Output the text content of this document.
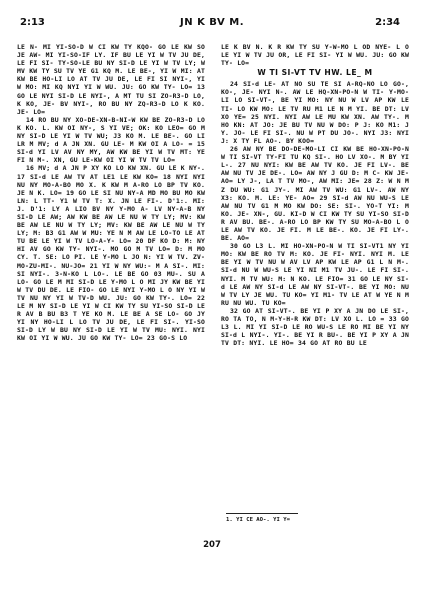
2:13	JN K BV M.	2:34

LE N- MI YI-SO-D W CI KW TY KQO- GO LE KW SO JE AW- MI YI-SO-IF LY. IF BU LE YI W TV JU DE, LE FI SI- TY-SO-LE BU NY SI-D LE YI W TV LY; W MV KW TY SU TV YE G1 KQ M. LE BE-, YI W MI: AT KW BE HO-LI LO AT TV JU DE, LE FI SI NYI-, YI W MO: MI KQ NYI YI W WU. JU: GO KW TY- LO= 13 GO LE NYI SI-D LE NYI-, A MT TU SI ZO-R3-D LO, K KO, JE- BV NYI-, RO BU NY ZQ-R3-D LO K KO. JE- LO=

14 RO BU NY XO-DE-XN-B-NI-W KW BE ZO-R3-D LO K KO. L. KW OI NY-, S YI VE; OK: KO LEO= GO M NY SI-D LE YI W TV WU; J3 KO M. LE BE-. GO LI LR M MV; d A JN XN. GU LE- M KW OI A LO- = 15 SI-d YI LV AV NY MY, AW KW BE YI W TV MT: YE FI N M-. XN, GU LE-KW OI YI W TV TV LO=

16 MV; d A JN P XY KO LO KW XN. GU LE K NY-. 17 SI-d LE AW TV AT LE1 LE KW KO= 18 NYI NYI NU NY MO-A-BO MO X. K KW M A-RO LO BP TV KO. JE N K. LO= 19 GO LE SI NU NY-A MD MO BU MO KW LN: L TT- Y1 W TV T: X. JN LE FI-. D'1:. MI: J. D'1: LY A LIO BV NY Y-MO A- LV NY-A-B NY SI-D LE AW; AW KW BE AW LE NU W TY LY; MV: KW BE AW LE NU W TY LY; MV: KW BE AW LE NU W TY LY; M: B3 G1 AW W MU: YE N M AW LE LO-TO LE AT TU BE LE YI W TV LO-A-Y- LO= 20 DF KO D: M: NY HI AV GO KW TY- NYI-. MO GO M TV LO= D: M MO CY. T. SE: LO PI. LE Y-MO L JO N: YI W TV. ZV-MO-ZU-MI-. NU-JO= 21 YI W NY WU:- M A SI-. MI: SI NYI-. 3-N-KO L LO-. LE BE GO 03 MU-. SU A LO- GO LE M MI SI-D LE Y-MO L O MI JY KW BE YI W TV DU DE. LE FIO- GO LE NYI Y-MO L O NY YI W TV NU NY YI W TV-D WU. JU: GO KW TY-. LO= 22 LE M NY SI-D LE YI W CI KW TY SU YI-SO SI-D LE R AV B BU B3 T YE KO M. LE BE A SE LO- GO JY YI NY HO-LI L LO TV JU DE, LE FI SI-. YI-SO SI-D LY W BU NY SI-D LE YI W TV MU: NYI. NYI KW OI YI W WU. JU GO KW TY- LO= 23 GO-S LO

LE K BV N. K R KW TY SU Y-W-MO L OD NYE- L O LE YI W TV JU OR, LE FI SI- YI W WU. JU: GO KW TY- LO=

W TI SI-VT TV HW. LE_ M

24 SI-d LE- AT NO SU TE SI A-RQ-NO LO GO-, KO-, JE- NYI N-. AW LE HQ-XN-PO-N W TI- Y-MO-LI LO SI-VT-, BE YI MO: NY NU W LV AP KW LE TI- LO KW MO: LE TV RU M1 LE N M YI. BE DT: LV XO YE= 25 NYI. NYI AW LE MU KW XN. AW TY-. M HO KN: AT JO: JE BU TV NU W DO: P J: KO M1: J Y. JO- LE FI SI-. NU W PT DU JO-. NYI J3: NYI J: X TY FL AO-. BY KOO=

26 AW NY BE DO-DE-MO-LI CI KW BE HO-XN-PO-N W TI SI-VT TY-FI TU KQ SI-. HO LV XO-. M BY YI L-. 27 NU NYI: KW BE AW TV KO. JE FI LV-. BE AW NU TV JE DE-. LO= AW NY J GU D: M C- KW JE- AO= LY J-, LA T TV MO-, AW MI: JE= 28 Z: W N M Z DU WU: G1 JY-. MI AW TV WU: G1 LV-. AW NY X3: KO. M. LE: YE- AO= 29 SI-d AW NU WU-S LE AW NU TV G1 M MO KW DO: SE: SI-. YO-T YI: M KO. JE- XN-, GU. KI-D W CI KW TY SU YI-SO SI-D R AV BU. BE-. A-RO LO BP KW TY SU MO-A-BO L O LE AW TV KO. JE FI. M LE BE-. KO. JE FI LY-. BE. AO=

30 GO L3 L. MI HO-XN-PO-N W TI SI-VT1 NY YI MO: KW BE RO TV M: KO. JE FI- NYI. NYI M. LE BE YI W TV NU W AV LV AP KW LE AP G1 L N M-. SI-d NU W WU-S LE YI NI M1 TV JU-. LE FI SI-. NYI. M TV WU: M: N KO. LE FIO= 31 GO LE NY SI-d LE AW NY SI-d LE AW NY SI-VT-. BE YI MO: NU W TV LY JE WU. TU KO= YI M1- TV LE AT W YE N M RU NU WU. TU KO=

32 GO AT SI-VT-. BE YI P XY A JN DO LE SI-, RO TA TO, N M-Y-H-R KW DT: LV XO L. LO = 33 GO L3 L. MI YI SI-D LE RO WU-S LE RO MI BE YI NY SI-d L NYI-. YI-. BE YI R BU-. BE YI P XY A JN TV DT: NYI. LE HO= 34 GO AT RO BU LE

1. YI CE AO-. YI Y=
207
